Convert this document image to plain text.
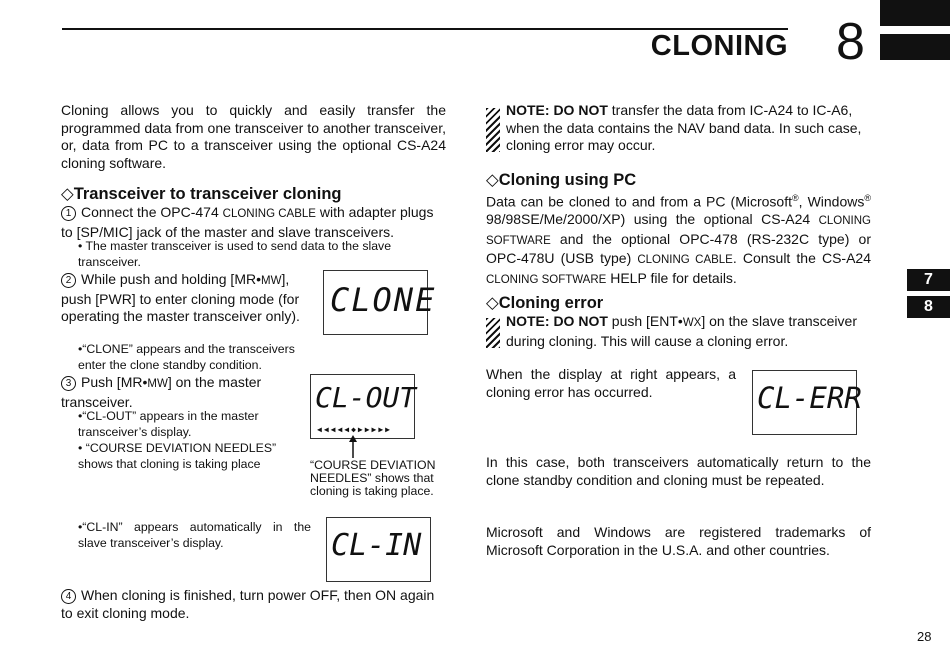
CLONING 8
7
8
Cloning allows you to quickly and easily transfer the programmed data from one transceiver to another transceiver, or, data from PC to a transceiver using the optional CS-A24 cloning software.
◇Transceiver to transceiver cloning
1 Connect the OPC-474 CLONING CABLE with adapter plugs to [SP/MIC] jack of the master and slave transceivers.
• The master transceiver is used to send data to the slave transceiver.
2 While push and holding [MR•MW], push [PWR] to enter cloning mode (for operating the master transceiver only).
•“CLONE” appears and the transceivers enter the clone standby condition.
3 Push [MR•MW] on the master transceiver.
•“CL-OUT” appears in the master transceiver’s display.
• “COURSE DEVIATION NEEDLES” shows that cloning is taking place
CLONE
CL-OUT
◀◀◀◀◀◆▶▶▶▶▶
“COURSE DEVIATION NEEDLES” shows that cloning is taking place.
•“CL-IN” appears automatically in the slave transceiver’s display.	CL-IN
4 When cloning is finished, turn power OFF, then ON again to exit cloning mode.
NOTE: DO NOT transfer the data from IC-A24 to IC-A6, when the data contains the NAV band data. In such case, cloning error may occur.
◇Cloning using PC
Data can be cloned to and from a PC (Microsoft®, Windows® 98/98SE/Me/2000/XP) using the optional CS-A24 CLONING SOFTWARE and the optional OPC-478 (RS-232C type) or OPC-478U (USB type) CLONING CABLE. Consult the CS-A24 CLONING SOFTWARE HELP file for details.
◇Cloning error
NOTE: DO NOT push [ENT•WX] on the slave transceiver during cloning. This will cause a cloning error.
When the display at right appears, a cloning error has occurred.	CL-ERR
In this case, both transceivers automatically return to the clone standby condition and cloning must be repeated.
Microsoft and Windows are registered trademarks of Microsoft Corporation in the U.S.A. and other countries.
28
